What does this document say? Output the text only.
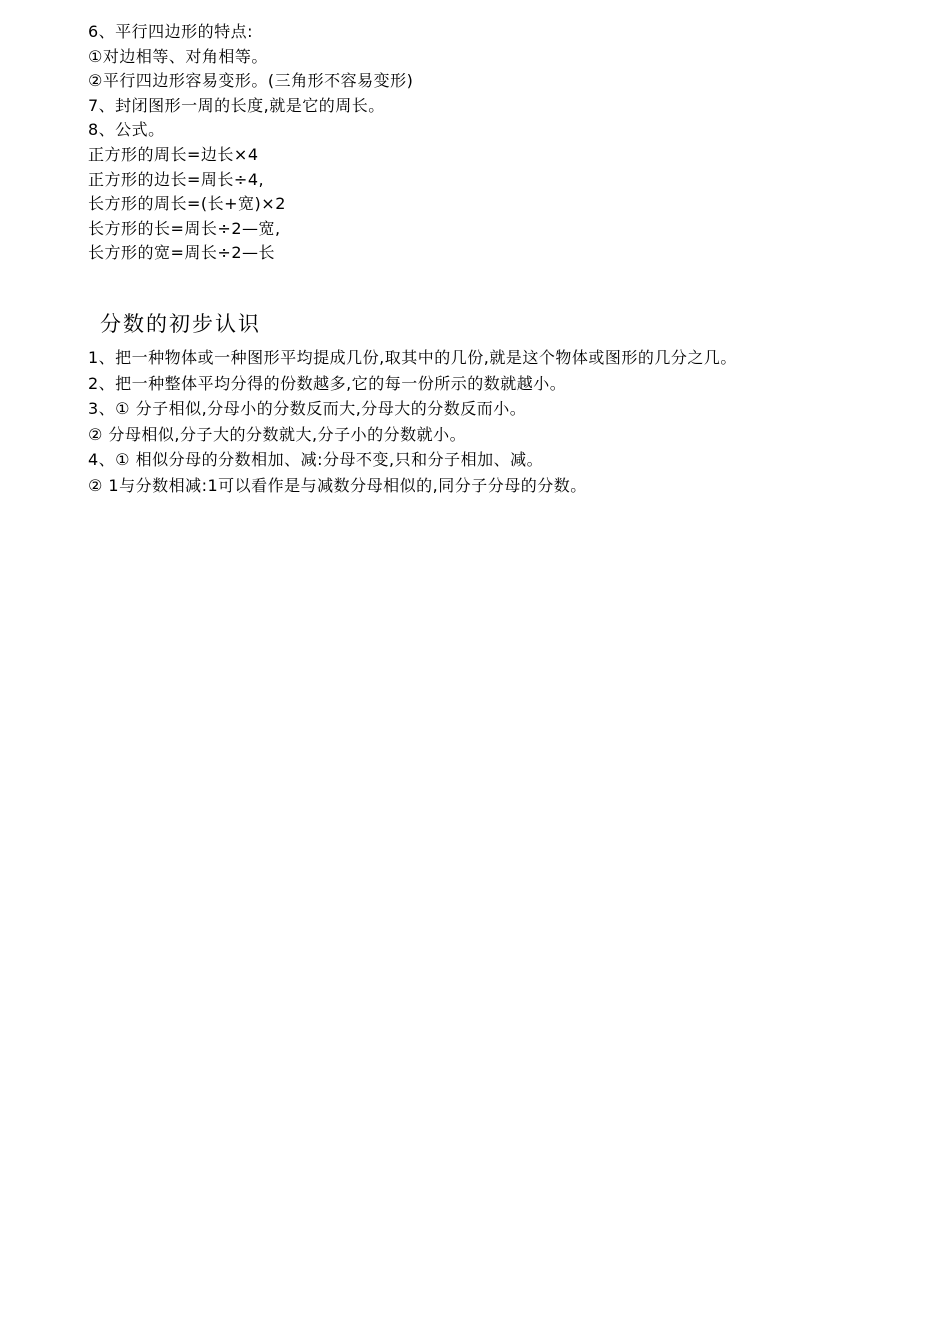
6、平行四边形的特点:
①对边相等、对角相等。
②平行四边形容易变形。(三角形不容易变形)
7、封闭图形一周的长度,就是它的周长。
8、公式。
正方形的周长=边长×4
正方形的边长=周长÷4,
长方形的周长=(长+宽)×2
长方形的长=周长÷2—宽,
长方形的宽=周长÷2—长
分数的初步认识
1、把一种物体或一种图形平均提成几份,取其中的几份,就是这个物体或图形的几分之几。
2、把一种整体平均分得的份数越多,它的每一份所示的数就越小。
3、① 分子相似,分母小的分数反而大,分母大的分数反而小。
② 分母相似,分子大的分数就大,分子小的分数就小。
4、① 相似分母的分数相加、减:分母不变,只和分子相加、减。
② 1与分数相减:1可以看作是与减数分母相似的,同分子分母的分数。
